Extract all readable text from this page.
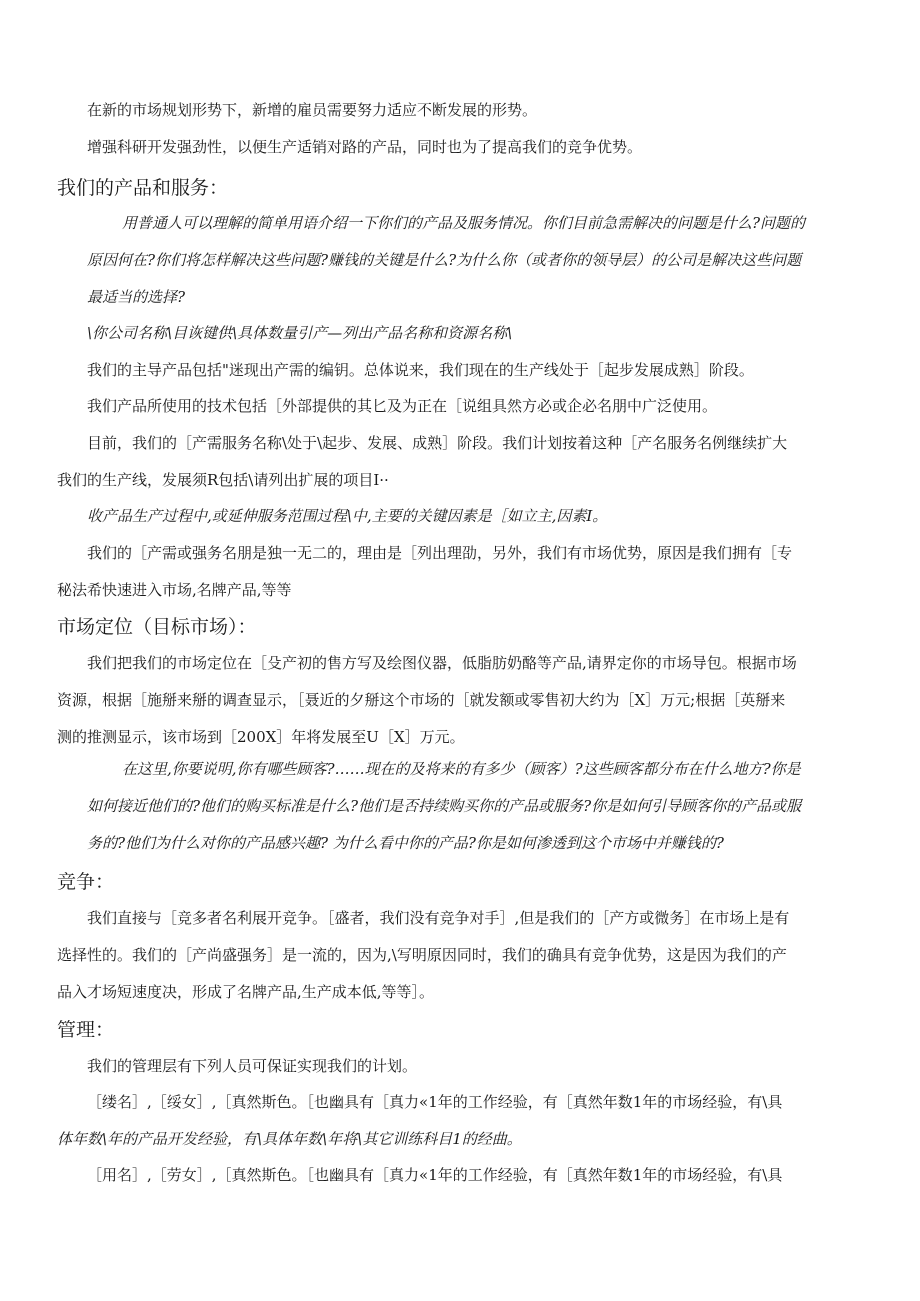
在新的市场规划形势下，新增的雇员需要努力适应不断发展的形势。

增强科研开发强劲性，以便生产适销对路的产品，同时也为了提高我们的竞争优势。

我们的产品和服务：

用普通人可以理解的简单用语介绍一下你们的产品及服务情况。你们目前急需解决的问题是什么?问题的
原因何在?你们将怎样解决这些问题?赚钱的关键是什么?为什么你（或者你的领导层）的公司是解决这些问题
最适当的选择?

\你公司名称\目诙键供\具体数量引产—列出产品名称和资源名称\

我们的主导产品包括"迷现出产需的编钥。总体说来，我们现在的生产线处于［起步发展成熟］阶段。

我们产品所使用的技术包括［外部提供的其匕及为正在［说组具然方必或企必名朋中广泛使用。

目前，我们的［产需服务名称\处于\起步、发展、成熟］阶段。我们计划按着这种［产名服务名例继续扩大
我们的生产线，发展须R包括\请列出扩展的项目I··

收产品生产过程中,或延伸服务范围过程\中,主要的关键因素是［如立主,因素I。

我们的［产需或强务名朋是独一无二的，理由是［列出理劭，另外，我们有市场优势，原因是我们拥有［专
秘法希快速进入市场,名牌产品,等等

市场定位（目标市场）：

我们把我们的市场定位在［殳产初的售方写及绘图仪器，低脂肪奶酪等产品,请界定你的市场导包。根据市场
资源，根据［施掰来掰的调查显示，［聂近的夕掰这个市场的［就发额或零售初大约为［X］万元;根据［英掰来
测的推测显示，该市场到［200X］年将发展至U［X］万元。

在这里,你要说明,你有哪些顾客?……现在的及将来的有多少（顾客）?这些顾客都分布在什么地方?你是
如何接近他们的?他们的购买标准是什么?他们是否持续购买你的产品或服务?你是如何引导顾客你的产品或服
务的?他们为什么对你的产品感兴趣? 为什么看中你的产品?你是如何渗透到这个市场中并赚钱的?

竞争：

我们直接与［竞多者名利展开竞争。［盛者，我们没有竞争对手］,但是我们的［产方或微务］在市场上是有
选择性的。我们的［产尚盛强务］是一流的，因为,\写明原因同时，我们的确具有竞争优势，这是因为我们的产
品入才场短速度决，形成了名牌产品,生产成本低,等等］。

管理：

我们的管理层有下列人员可保证实现我们的计划。

［缕名］,［绥女］,［真然斯色。［也幽具有［真力«1年的工作经验，有［真然年数1年的市场经验，有\具
体年数\年的产品开发经验，有\具体年数\年将\其它训练科目1的经曲。

［用名］,［劳女］,［真然斯色。［也幽具有［真力«1年的工作经验，有［真然年数1年的市场经验，有\具
